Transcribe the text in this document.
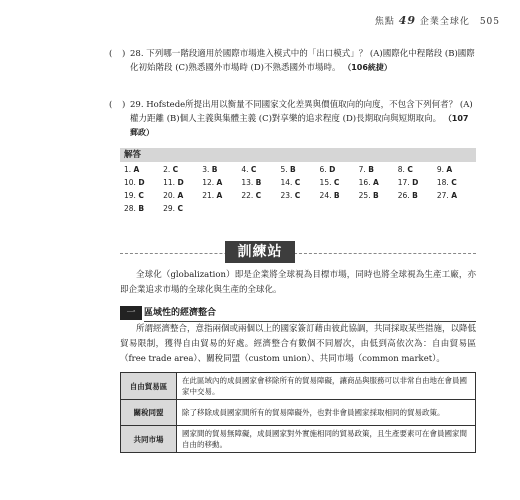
焦點 49 企業全球化 505
( ) 28. 下列哪一階段適用於國際市場進入模式中的「出口模式」？ (A)國際化中程階段 (B)國際化初始階段 (C)熟悉國外市場時 (D)不熟悉國外市場時。 （106統捷）
( ) 29. Hofstede所提出用以衡量不同國家文化差異與價值取向的向度，不包含下列何者？ (A)權力距離 (B)個人主義與集體主義 (C)對享樂的追求程度 (D)長期取向與短期取向。 （107郵政）
解答
1. A	2. C	3. B	4. C	5. B	6. D	7. B	8. C	9. A
10. D	11. D	12. A	13. B	14. C	15. C	16. A	17. D	18. C
19. C	20. A	21. A	22. C	23. C	24. B	25. B	26. B	27. A
28. B	29. C
訓練站
全球化（globalization）即是企業將全球視為目標市場，同時也將全球視為生產工廠，亦即企業追求市場的全球化與生產的全球化。
一 區域性的經濟整合
所謂經濟整合，意指兩個或兩個以上的國家簽訂藉由彼此協調，共同採取某些措施，以降低貿易限制，獲得自由貿易的好處。經濟整合有數個不同層次，由低到高依次為：自由貿易區（free trade area）、關稅同盟（custom union）、共同市場（common market）。
自由貿易區	在此區域內的成員國家會移除所有的貿易障礙，讓商品與服務可以非常自由地在會員國家中交易。
關稅同盟	除了移除成員國家間所有的貿易障礙外，也對非會員國家採取相同的貿易政策。
共同市場	國家間的貿易無障礙，成員國家對外實施相同的貿易政策，且生產要素可在會員國家間自由的移動。
